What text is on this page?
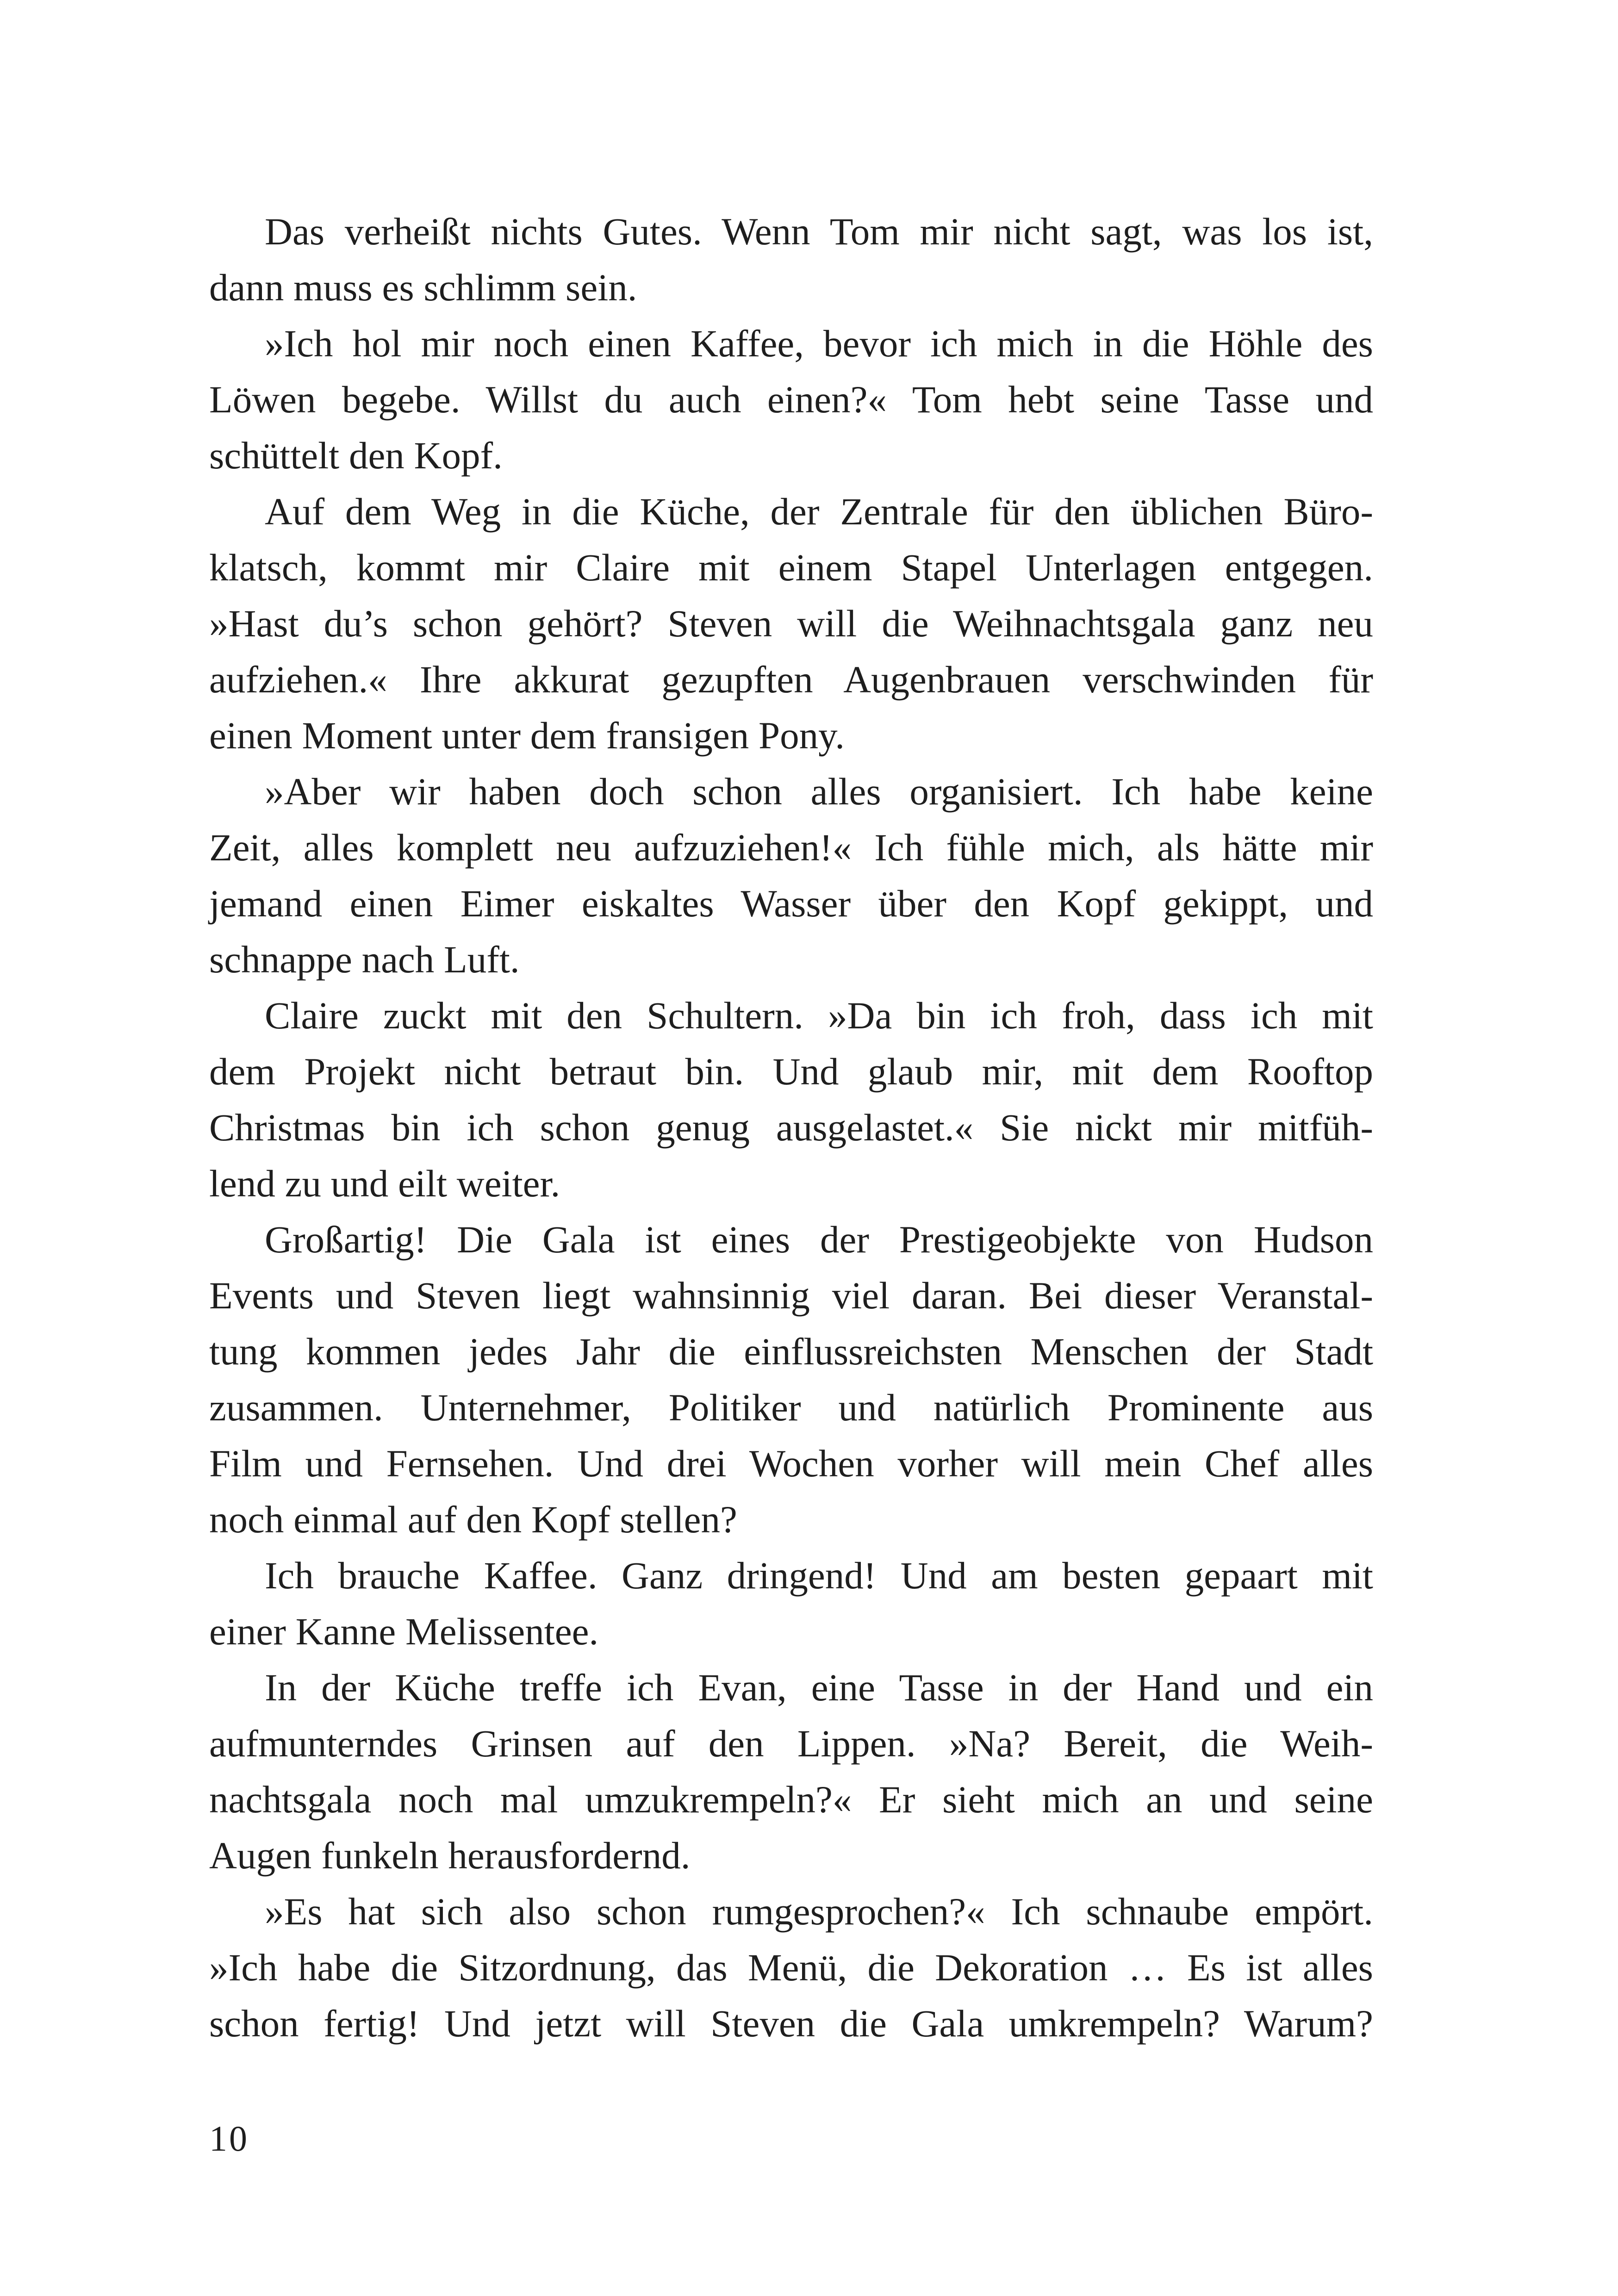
Das verheißt nichts Gutes. Wenn Tom mir nicht sagt, was los ist,
dann muss es schlimm sein.
»Ich hol mir noch einen Kaffee, bevor ich mich in die Höhle des
Löwen begebe. Willst du auch einen?« Tom hebt seine Tasse und
schüttelt den Kopf.
Auf dem Weg in die Küche, der Zentrale für den üblichen Büro-
klatsch, kommt mir Claire mit einem Stapel Unterlagen entgegen.
»Hast du’s schon gehört? Steven will die Weihnachtsgala ganz neu
aufziehen.« Ihre akkurat gezupften Augenbrauen verschwinden für
einen Moment unter dem fransigen Pony.
»Aber wir haben doch schon alles organisiert. Ich habe keine
Zeit, alles komplett neu aufzuziehen!« Ich fühle mich, als hätte mir
jemand einen Eimer eiskaltes Wasser über den Kopf gekippt, und
schnappe nach Luft.
Claire zuckt mit den Schultern. »Da bin ich froh, dass ich mit
dem Projekt nicht betraut bin. Und glaub mir, mit dem Rooftop
Christmas bin ich schon genug ausgelastet.« Sie nickt mir mitfüh-
lend zu und eilt weiter.
Großartig! Die Gala ist eines der Prestigeobjekte von Hudson
Events und Steven liegt wahnsinnig viel daran. Bei dieser Veranstal-
tung kommen jedes Jahr die einflussreichsten Menschen der Stadt
zusammen. Unternehmer, Politiker und natürlich Prominente aus
Film und Fernsehen. Und drei Wochen vorher will mein Chef alles
noch einmal auf den Kopf stellen?
Ich brauche Kaffee. Ganz dringend! Und am besten gepaart mit
einer Kanne Melissentee.
In der Küche treffe ich Evan, eine Tasse in der Hand und ein
aufmunterndes Grinsen auf den Lippen. »Na? Bereit, die Weih-
nachtsgala noch mal umzukrempeln?« Er sieht mich an und seine
Augen funkeln herausfordernd.
»Es hat sich also schon rumgesprochen?« Ich schnaube empört.
»Ich habe die Sitzordnung, das Menü, die Dekoration … Es ist alles
schon fertig! Und jetzt will Steven die Gala umkrempeln? Warum?
10
